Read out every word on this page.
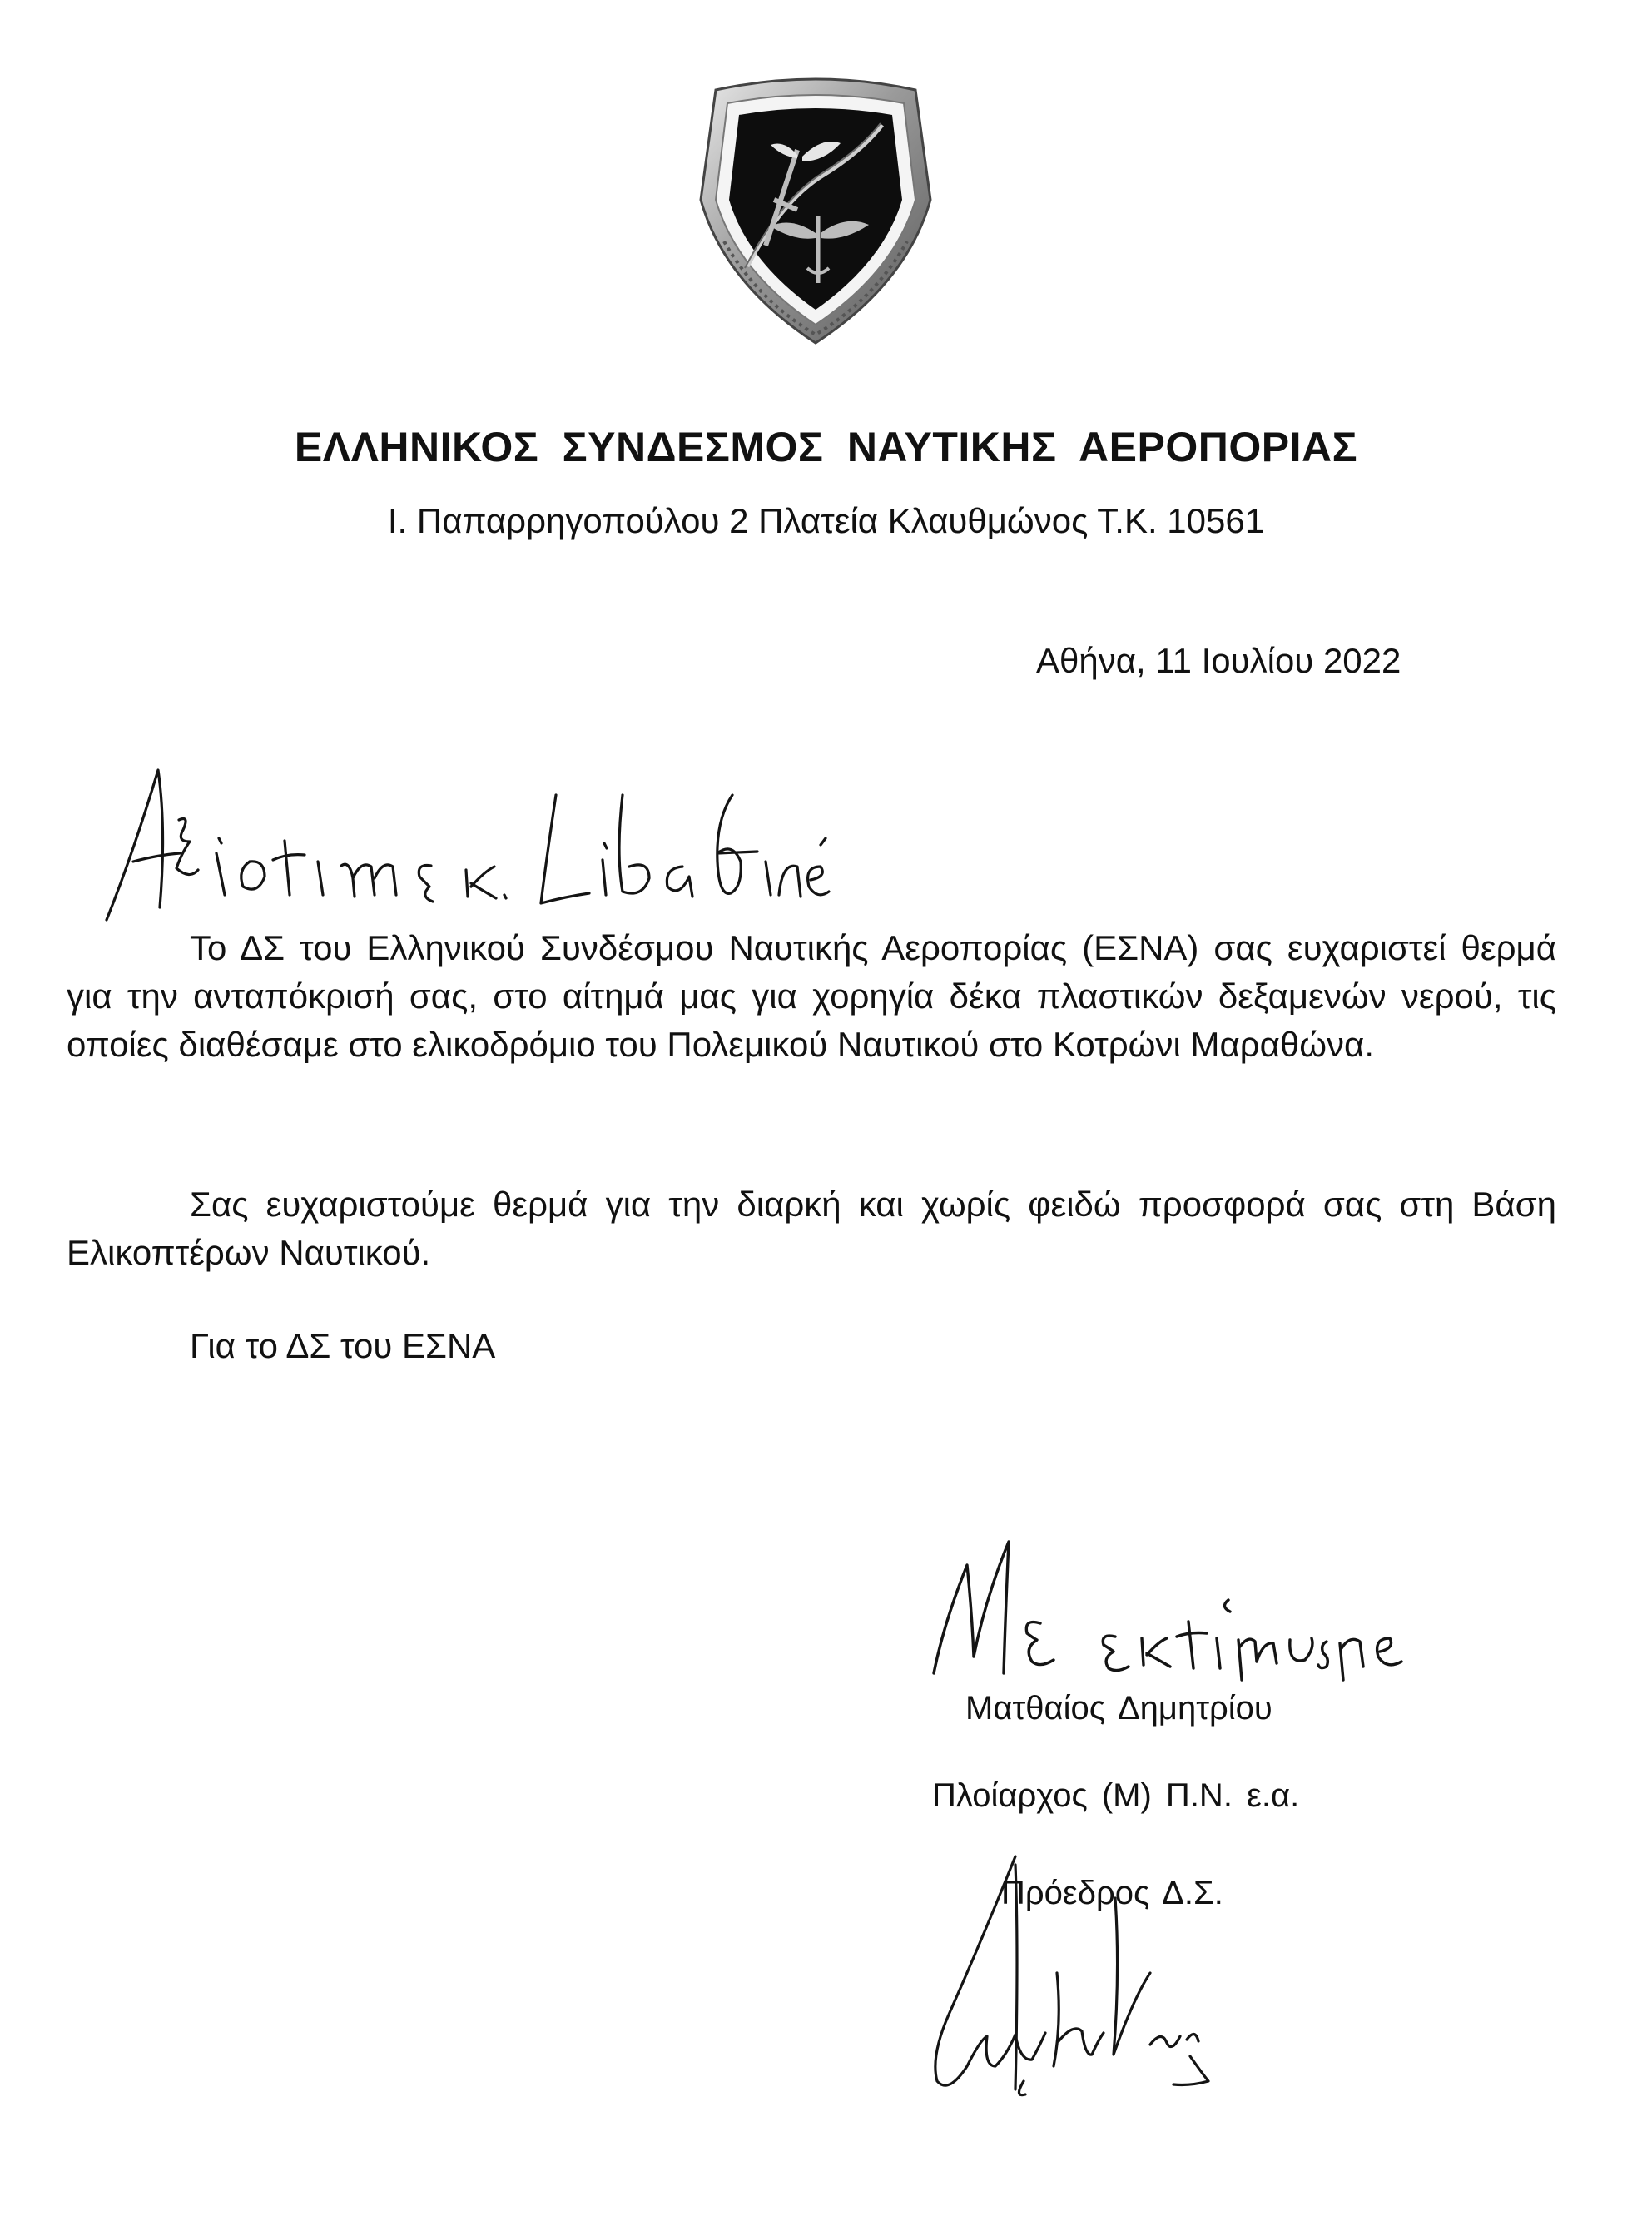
ΕΛΛΗΝΙΚΟΣ ΣΥΝΔΕΣΜΟΣ ΝΑΥΤΙΚΗΣ ΑΕΡΟΠΟΡΙΑΣ
Ι. Παπαρρηγοπούλου 2 Πλατεία Κλαυθμώνος Τ.Κ. 10561
Αθήνα, 11 Ιουλίου 2022
Το ΔΣ του Ελληνικού Συνδέσμου Ναυτικής Αεροπορίας (ΕΣΝΑ) σας ευχαριστεί θερμά για την ανταπόκρισή σας, στο αίτημά μας για χορηγία δέκα πλαστικών δεξαμενών νερού, τις οποίες διαθέσαμε στο ελικοδρόμιο του Πολεμικού Ναυτικού στο Κοτρώνι Μαραθώνα.
Σας ευχαριστούμε θερμά για την διαρκή και χωρίς φειδώ προσφορά σας στη Βάση Ελικοπτέρων Ναυτικού.
Για το ΔΣ του ΕΣΝΑ
Ματθαίος Δημητρίου
Πλοίαρχος (Μ) Π.Ν. ε.α.
Πρόεδρος Δ.Σ.
